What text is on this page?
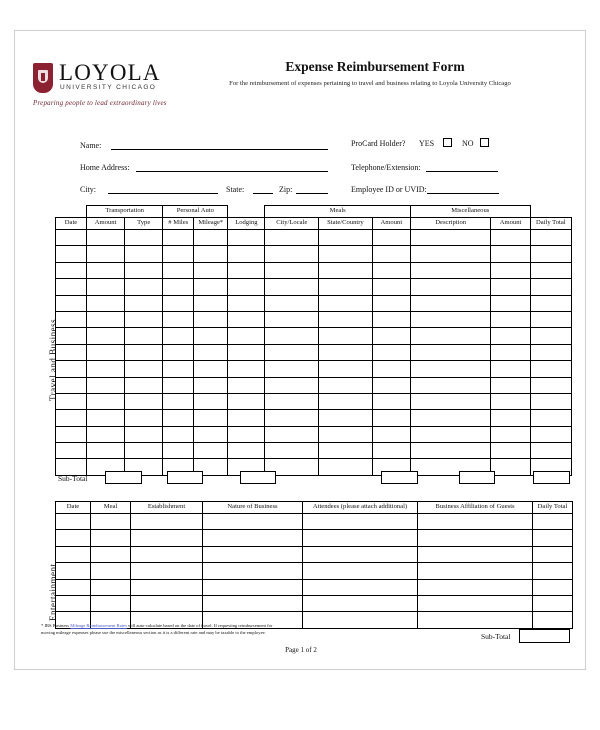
LOYOLA
UNIVERSITY CHICAGO
Preparing people to lead extraordinary lives
Expense Reimbursement Form
For the reimbursement of expenses pertaining to travel and business relating to Loyola University Chicago
Name:
Home Address:
City:	State:	Zip:
ProCard Holder? YES	NO
Telephone/Extension:
Employee ID or UVID:
Travel and Business
	Transportation		Personal Auto			Meals			Miscellaneous		
Date	Amount	Type	# Miles	Mileage*	Lodging	City/Locale	State/Country	Amount	Description	Amount	Daily Total

Sub-Total
Entertainment
Date	Meal	Establishment	Nature of Business	Attendees (please attach additional)	Business Affiliation of Guests	Daily Total

Sub-Total
* IRS Business Mileage Reimbursement Rates will auto-calculate based on the date of travel. If requesting reimbursement for moving mileage expenses please use the miscellaneous section as it is a different rate and may be taxable to the employee.
Page 1 of 2
